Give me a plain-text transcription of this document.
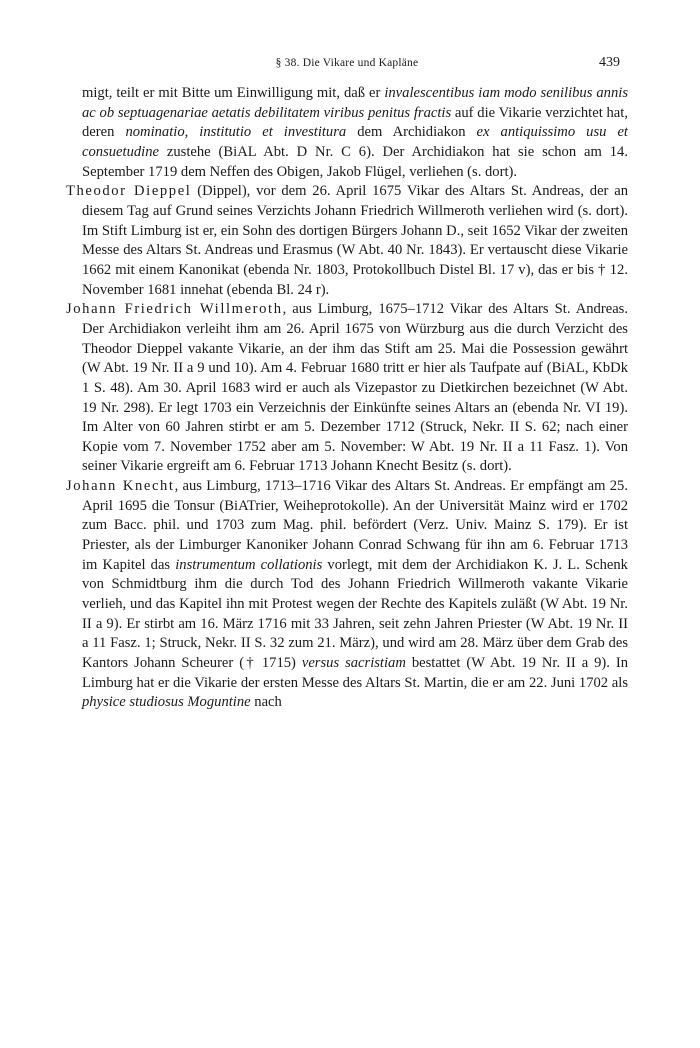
§ 38. Die Vikare und Kapläne	439

migt, teilt er mit Bitte um Einwilligung mit, daß er invalescentibus iam modo senilibus annis ac ob septuagenariae aetatis debilitatem viribus penitus fractis auf die Vikarie verzichtet hat, deren nominatio, institutio et investitura dem Archidiakon ex antiquissimo usu et consuetudine zustehe (BiAL Abt. D Nr. C 6). Der Archidiakon hat sie schon am 14. September 1719 dem Neffen des Obigen, Jakob Flügel, verliehen (s. dort).

Theodor Dieppel (Dippel), vor dem 26. April 1675 Vikar des Altars St. Andreas, der an diesem Tag auf Grund seines Verzichts Johann Friedrich Willmeroth verliehen wird (s. dort). Im Stift Limburg ist er, ein Sohn des dortigen Bürgers Johann D., seit 1652 Vikar der zweiten Messe des Altars St. Andreas und Erasmus (W Abt. 40 Nr. 1843). Er vertauscht diese Vikarie 1662 mit einem Kanonikat (ebenda Nr. 1803, Protokollbuch Distel Bl. 17 v), das er bis † 12. November 1681 innehat (ebenda Bl. 24 r).

Johann Friedrich Willmeroth, aus Limburg, 1675–1712 Vikar des Altars St. Andreas. Der Archidiakon verleiht ihm am 26. April 1675 von Würzburg aus die durch Verzicht des Theodor Dieppel vakante Vikarie, an der ihm das Stift am 25. Mai die Possession gewährt (W Abt. 19 Nr. II a 9 und 10). Am 4. Februar 1680 tritt er hier als Taufpate auf (BiAL, KbDk 1 S. 48). Am 30. April 1683 wird er auch als Vizepastor zu Dietkirchen bezeichnet (W Abt. 19 Nr. 298). Er legt 1703 ein Verzeichnis der Einkünfte seines Altars an (ebenda Nr. VI 19). Im Alter von 60 Jahren stirbt er am 5. Dezember 1712 (Struck, Nekr. II S. 62; nach einer Kopie vom 7. November 1752 aber am 5. November: W Abt. 19 Nr. II a 11 Fasz. 1). Von seiner Vikarie ergreift am 6. Februar 1713 Johann Knecht Besitz (s. dort).

Johann Knecht, aus Limburg, 1713–1716 Vikar des Altars St. Andreas. Er empfängt am 25. April 1695 die Tonsur (BiATrier, Weiheprotokolle). An der Universität Mainz wird er 1702 zum Bacc. phil. und 1703 zum Mag. phil. befördert (Verz. Univ. Mainz S. 179). Er ist Priester, als der Limburger Kanoniker Johann Conrad Schwang für ihn am 6. Februar 1713 im Kapitel das instrumentum collationis vorlegt, mit dem der Archidiakon K. J. L. Schenk von Schmidtburg ihm die durch Tod des Johann Friedrich Willmeroth vakante Vikarie verlieh, und das Kapitel ihn mit Protest wegen der Rechte des Kapitels zuläßt (W Abt. 19 Nr. II a 9). Er stirbt am 16. März 1716 mit 33 Jahren, seit zehn Jahren Priester (W Abt. 19 Nr. II a 11 Fasz. 1; Struck, Nekr. II S. 32 zum 21. März), und wird am 28. März über dem Grab des Kantors Johann Scheurer († 1715) versus sacristiam bestattet (W Abt. 19 Nr. II a 9). In Limburg hat er die Vikarie der ersten Messe des Altars St. Martin, die er am 22. Juni 1702 als physice studiosus Moguntine nach
